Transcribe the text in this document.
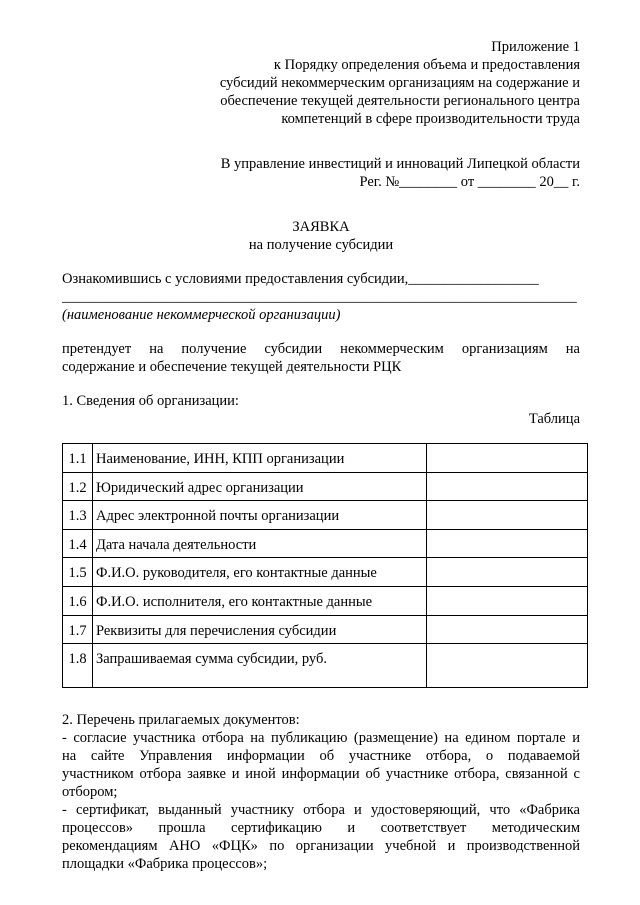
Приложение 1
к Порядку определения объема и предоставления
субсидий некоммерческим организациям на содержание и
обеспечение текущей деятельности регионального центра
компетенций в сфере производительности труда
В управление инвестиций и инноваций Липецкой области
Рег. №________ от ________ 20__ г.
ЗАЯВКА
на получение субсидии
Ознакомившись с условиями предоставления субсидии,__________________
_______________________________________________________________________
(наименование некоммерческой организации)
претендует на получение субсидии некоммерческим организациям на
содержание и обеспечение текущей деятельности РЦК
1. Сведения об организации:
Таблица
1.1	Наименование, ИНН, КПП организации	
1.2	Юридический адрес организации	
1.3	Адрес электронной почты организации	
1.4	Дата начала деятельности	
1.5	Ф.И.О. руководителя, его контактные данные	
1.6	Ф.И.О. исполнителя, его контактные данные	
1.7	Реквизиты для перечисления субсидии	
1.8	Запрашиваемая сумма субсидии, руб.	
2. Перечень прилагаемых документов:
- согласие участника отбора на публикацию (размещение) на едином портале и
на сайте Управления информации об участнике отбора, о подаваемой
участником отбора заявке и иной информации об участнике отбора, связанной с
отбором;
- сертификат, выданный участнику отбора и удостоверяющий, что «Фабрика
процессов» прошла сертификацию и соответствует методическим
рекомендациям АНО «ФЦК» по организации учебной и производственной
площадки «Фабрика процессов»;
